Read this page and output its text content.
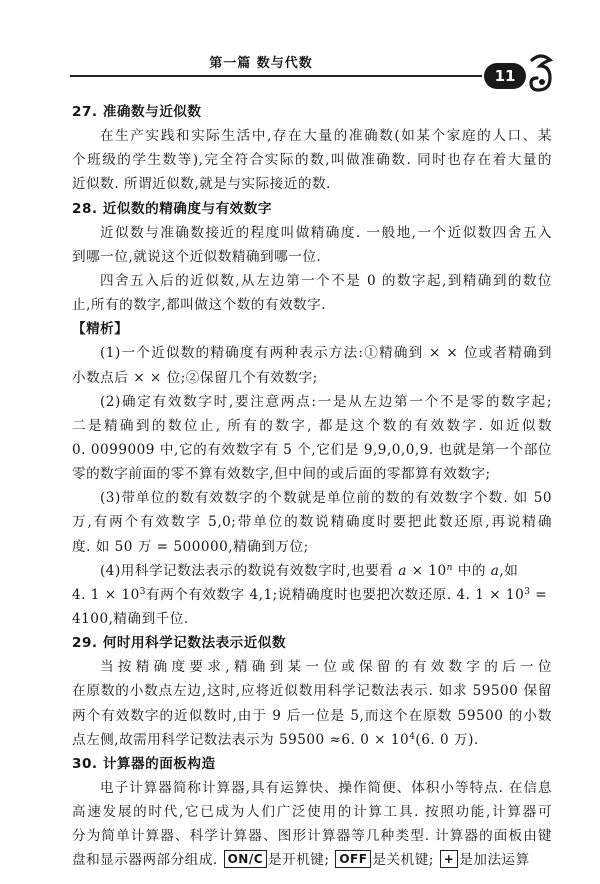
第一篇 数与代数
11
27. 准确数与近似数
在生产实践和实际生活中,存在大量的准确数(如某个家庭的人口、某
个班级的学生数等),完全符合实际的数,叫做准确数. 同时也存在着大量的
近似数. 所谓近似数,就是与实际接近的数.
28. 近似数的精确度与有效数字
近似数与准确数接近的程度叫做精确度. 一般地,一个近似数四舍五入
到哪一位,就说这个近似数精确到哪一位.
四舍五入后的近似数,从左边第一个不是 0 的数字起,到精确到的数位
止,所有的数字,都叫做这个数的有效数字.
【精析】
(1)一个近似数的精确度有两种表示方法:①精确到 × × 位或者精确到
小数点后 × × 位;②保留几个有效数字;
(2)确定有效数字时,要注意两点:一是从左边第一个不是零的数字起;
二是精确到的数位止, 所有的数字, 都是这个数的有效数字. 如近似数
0. 0099009 中,它的有效数字有 5 个,它们是 9,9,0,0,9. 也就是第一个部位
零的数字前面的零不算有效数字,但中间的或后面的零都算有效数字;
(3)带单位的数有效数字的个数就是单位前的数的有效数字个数. 如 50
万,有两个有效数字 5,0;带单位的数说精确度时要把此数还原,再说精确
度. 如 50 万 = 500000,精确到万位;
(4)用科学记数法表示的数说有效数字时,也要看 $a \times 10^n$ 中的 a,如
4. $1 \times 10^3$有两个有效数字 4,1;说精确度时也要把次数还原. 4. $1 \times 10^3$ =
4100,精确到千位.
29. 何时用科学记数法表示近似数
当按精确度要求,精确到某一位或保留的有效数字的后一位
在原数的小数点左边,这时,应将近似数用科学记数法表示. 如求 59500 保留
两个有效数字的近似数时,由于 9 后一位是 5,而这个在原数 59500 的小数
点左侧,故需用科学记数法表示为 59500 ≈6. $0 \times 10^4(6$. 0 万).
30. 计算器的面板构造
电子计算器简称计算器,具有运算快、操作简便、体积小等特点. 在信息
高速发展的时代,它已成为人们广泛使用的计算工具. 按照功能,计算器可
分为简单计算器、科学计算器、图形计算器等几种类型. 计算器的面板由键
盘和显示器两部分组成. ON/C 是开机键; OFF 是关机键; + 是加法运算
